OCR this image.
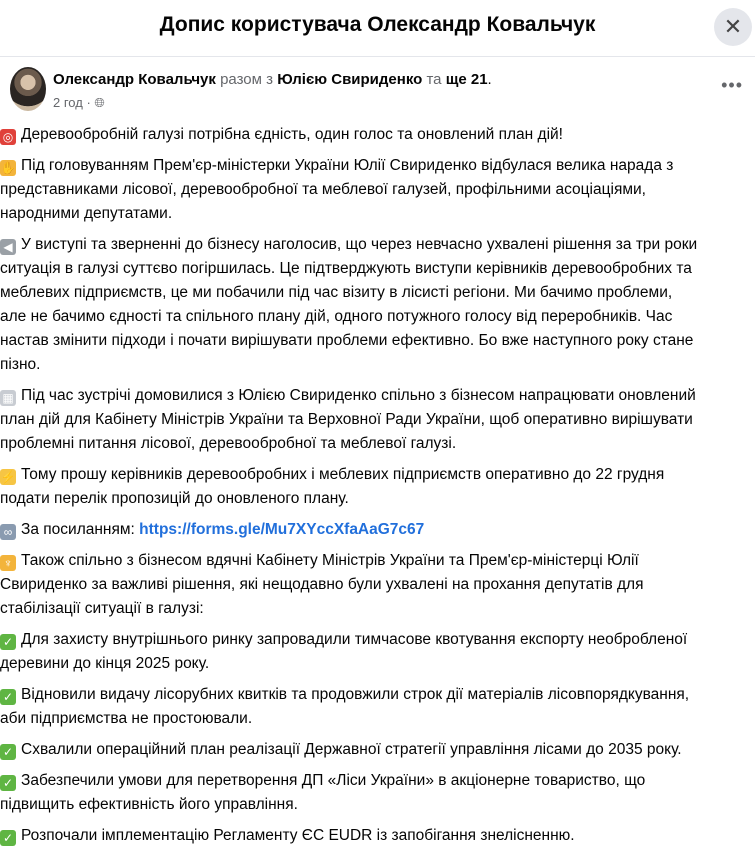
Допис користувача Олександр Ковальчук	✕
Олександр Ковальчук разом з Юлією Свириденко та ще 21.
2 год · 🌐︎
•••
◎ Деревообробній галузі потрібна єдність, один голос та оновлений план дій!
✋ Під головуванням Прем'єр-міністерки України Юлії Свириденко відбулася велика нарада з
представниками лісової, деревообробної та меблевої галузей, профільними асоціаціями,
народними депутатами.
◀ У виступі та зверненні до бізнесу наголосив, що через невчасно ухвалені рішення за три роки
ситуація в галузі суттєво погіршилась. Це підтверджують виступи керівників деревообробних та
меблевих підприємств, це ми побачили під час візиту в лісисті регіони. Ми бачимо проблеми,
але не бачимо єдності та спільного плану дій, одного потужного голосу від переробників. Час
настав змінити підходи і почати вирішувати проблеми ефективно. Бо вже наступного року стане
пізно.
▦ Під час зустрічі домовилися з Юлією Свириденко спільно з бізнесом напрацювати оновлений
план дій для Кабінету Міністрів України та Верховної Ради України, щоб оперативно вирішувати
проблемні питання лісової, деревообробної та меблевої галузі.
⚡ Тому прошу керівників деревообробних і меблевих підприємств оперативно до 22 грудня
подати перелік пропозицій до оновленого плану.
∞ За посиланням: https://forms.gle/Mu7XYccXfaAaG7c67
♆ Також спільно з бізнесом вдячні Кабінету Міністрів України та Прем'єр-міністерці Юлії
Свириденко за важливі рішення, які нещодавно були ухвалені на прохання депутатів для
стабілізації ситуації в галузі:
✓ Для захисту внутрішнього ринку запровадили тимчасове квотування експорту необробленої
деревини до кінця 2025 року.
✓ Відновили видачу лісорубних квитків та продовжили строк дії матеріалів лісовпорядкування,
аби підприємства не простоювали.
✓ Схвалили операційний план реалізації Державної стратегії управління лісами до 2035 року.
✓ Забезпечили умови для перетворення ДП «Ліси України» в акціонерне товариство, що
підвищить ефективність його управління.
✓ Розпочали імплементацію Регламенту ЄС EUDR із запобігання знелісненню.
